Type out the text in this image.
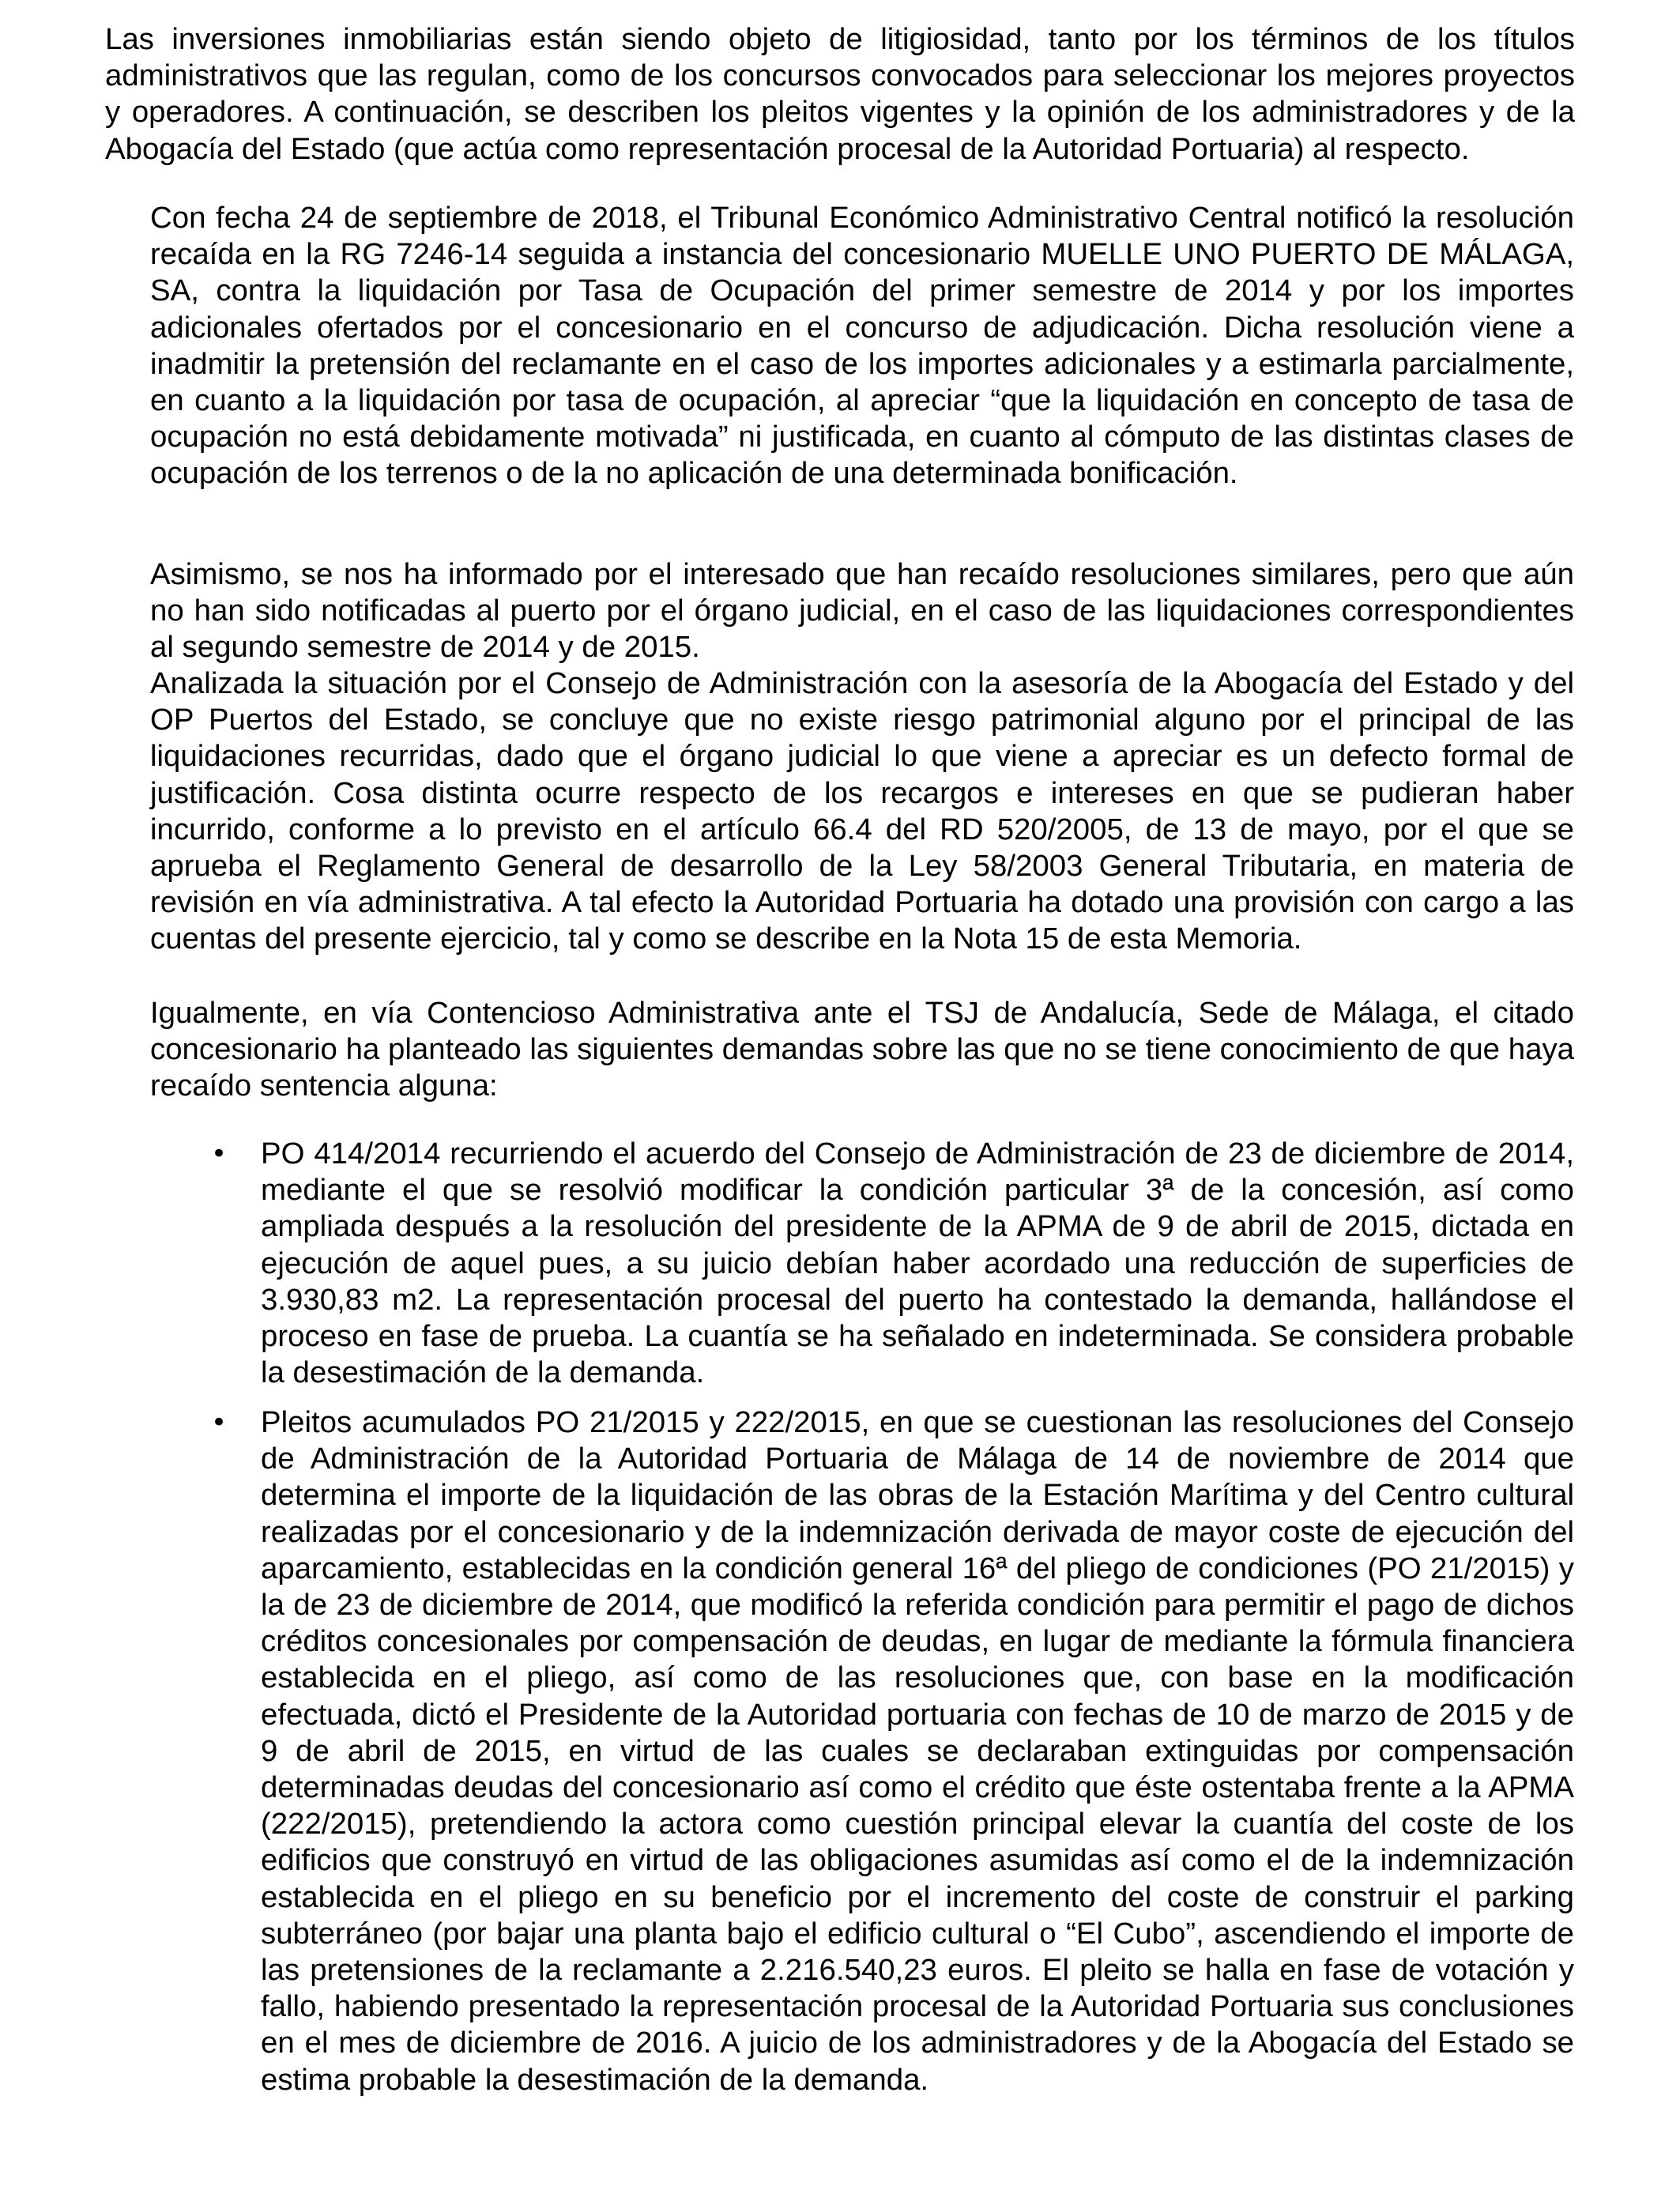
Las inversiones inmobiliarias están siendo objeto de litigiosidad, tanto por los términos de los títulos administrativos que las regulan, como de los concursos convocados para seleccionar los mejores proyectos y operadores. A continuación, se describen los pleitos vigentes y la opinión de los administradores y de la Abogacía del Estado (que actúa como representación procesal de la Autoridad Portuaria) al respecto.

Con fecha 24 de septiembre de 2018, el Tribunal Económico Administrativo Central notificó la resolución recaída en la RG 7246-14 seguida a instancia del concesionario MUELLE UNO PUERTO DE MÁLAGA, SA, contra la liquidación por Tasa de Ocupación del primer semestre de 2014 y por los importes adicionales ofertados por el concesionario en el concurso de adjudicación. Dicha resolución viene a inadmitir la pretensión del reclamante en el caso de los importes adicionales y a estimarla parcialmente, en cuanto a la liquidación por tasa de ocupación, al apreciar “que la liquidación en concepto de tasa de ocupación no está debidamente motivada” ni justificada, en cuanto al cómputo de las distintas clases de ocupación de los terrenos o de la no aplicación de una determinada bonificación.

Asimismo, se nos ha informado por el interesado que han recaído resoluciones similares, pero que aún no han sido notificadas al puerto por el órgano judicial, en el caso de las liquidaciones correspondientes al segundo semestre de 2014 y de 2015.

Analizada la situación por el Consejo de Administración con la asesoría de la Abogacía del Estado y del OP Puertos del Estado, se concluye que no existe riesgo patrimonial alguno por el principal de las liquidaciones recurridas, dado que el órgano judicial lo que viene a apreciar es un defecto formal de justificación. Cosa distinta ocurre respecto de los recargos e intereses en que se pudieran haber incurrido, conforme a lo previsto en el artículo 66.4 del RD 520/2005, de 13 de mayo, por el que se aprueba el Reglamento General de desarrollo de la Ley 58/2003 General Tributaria, en materia de revisión en vía administrativa. A tal efecto la Autoridad Portuaria ha dotado una provisión con cargo a las cuentas del presente ejercicio, tal y como se describe en la Nota 15 de esta Memoria.

Igualmente, en vía Contencioso Administrativa ante el TSJ de Andalucía, Sede de Málaga, el citado concesionario ha planteado las siguientes demandas sobre las que no se tiene conocimiento de que haya recaído sentencia alguna:

• PO 414/2014 recurriendo el acuerdo del Consejo de Administración de 23 de diciembre de 2014, mediante el que se resolvió modificar la condición particular 3ª de la concesión, así como ampliada después a la resolución del presidente de la APMA de 9 de abril de 2015, dictada en ejecución de aquel pues, a su juicio debían haber acordado una reducción de superficies de 3.930,83 m2. La representación procesal del puerto ha contestado la demanda, hallándose el proceso en fase de prueba. La cuantía se ha señalado en indeterminada. Se considera probable la desestimación de la demanda.

• Pleitos acumulados PO 21/2015 y 222/2015, en que se cuestionan las resoluciones del Consejo de Administración de la Autoridad Portuaria de Málaga de 14 de noviembre de 2014 que determina el importe de la liquidación de las obras de la Estación Marítima y del Centro cultural realizadas por el concesionario y de la indemnización derivada de mayor coste de ejecución del aparcamiento, establecidas en la condición general 16ª del pliego de condiciones (PO 21/2015) y la de 23 de diciembre de 2014, que modificó la referida condición para permitir el pago de dichos créditos concesionales por compensación de deudas, en lugar de mediante la fórmula financiera establecida en el pliego, así como de las resoluciones que, con base en la modificación efectuada, dictó el Presidente de la Autoridad portuaria con fechas de 10 de marzo de 2015 y de 9 de abril de 2015, en virtud de las cuales se declaraban extinguidas por compensación determinadas deudas del concesionario así como el crédito que éste ostentaba frente a la APMA (222/2015), pretendiendo la actora como cuestión principal elevar la cuantía del coste de los edificios que construyó en virtud de las obligaciones asumidas así como el de la indemnización establecida en el pliego en su beneficio por el incremento del coste de construir el parking subterráneo (por bajar una planta bajo el edificio cultural o “El Cubo”, ascendiendo el importe de las pretensiones de la reclamante a 2.216.540,23 euros. El pleito se halla en fase de votación y fallo, habiendo presentado la representación procesal de la Autoridad Portuaria sus conclusiones en el mes de diciembre de 2016. A juicio de los administradores y de la Abogacía del Estado se estima probable la desestimación de la demanda.
